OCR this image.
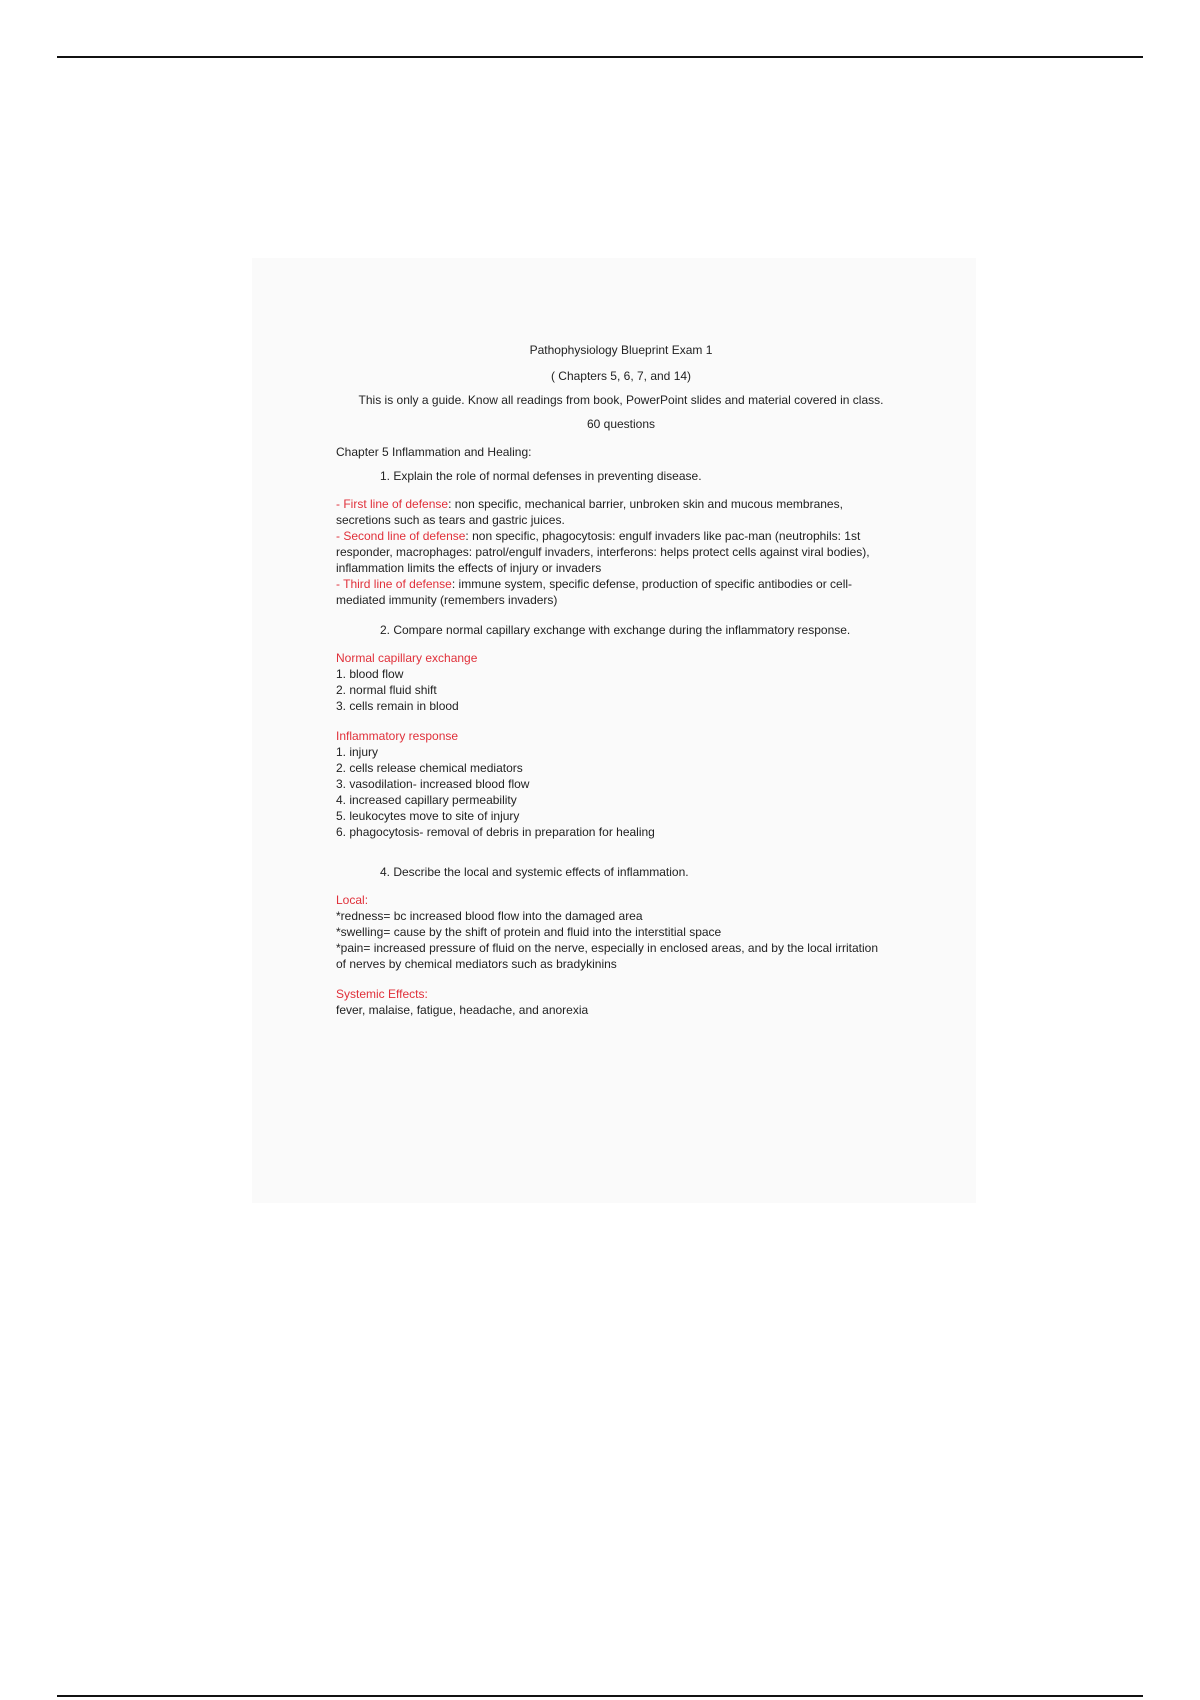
Pathophysiology Blueprint Exam 1

( Chapters 5, 6, 7, and 14)

This is only a guide. Know all readings from book, PowerPoint slides and material covered in class.

60 questions

Chapter 5 Inflammation and Healing:

1. Explain the role of normal defenses in preventing disease.

- First line of defense: non specific, mechanical barrier, unbroken skin and mucous membranes, secretions such as tears and gastric juices.

- Second line of defense: non specific, phagocytosis: engulf invaders like pac-man (neutrophils: 1st responder, macrophages: patrol/engulf invaders, interferons: helps protect cells against viral bodies), inflammation limits the effects of injury or invaders

- Third line of defense: immune system, specific defense, production of specific antibodies or cell-mediated immunity (remembers invaders)

2. Compare normal capillary exchange with exchange during the inflammatory response.

Normal capillary exchange

1. blood flow
2. normal fluid shift
3. cells remain in blood

Inflammatory response

1. injury
2. cells release chemical mediators
3. vasodilation- increased blood flow
4. increased capillary permeability
5. leukocytes move to site of injury
6. phagocytosis- removal of debris in preparation for healing

4. Describe the local and systemic effects of inflammation.

Local:

*redness= bc increased blood flow into the damaged area
*swelling= cause by the shift of protein and fluid into the interstitial space
*pain= increased pressure of fluid on the nerve, especially in enclosed areas, and by the local irritation of nerves by chemical mediators such as bradykinins

Systemic Effects:

fever, malaise, fatigue, headache, and anorexia
